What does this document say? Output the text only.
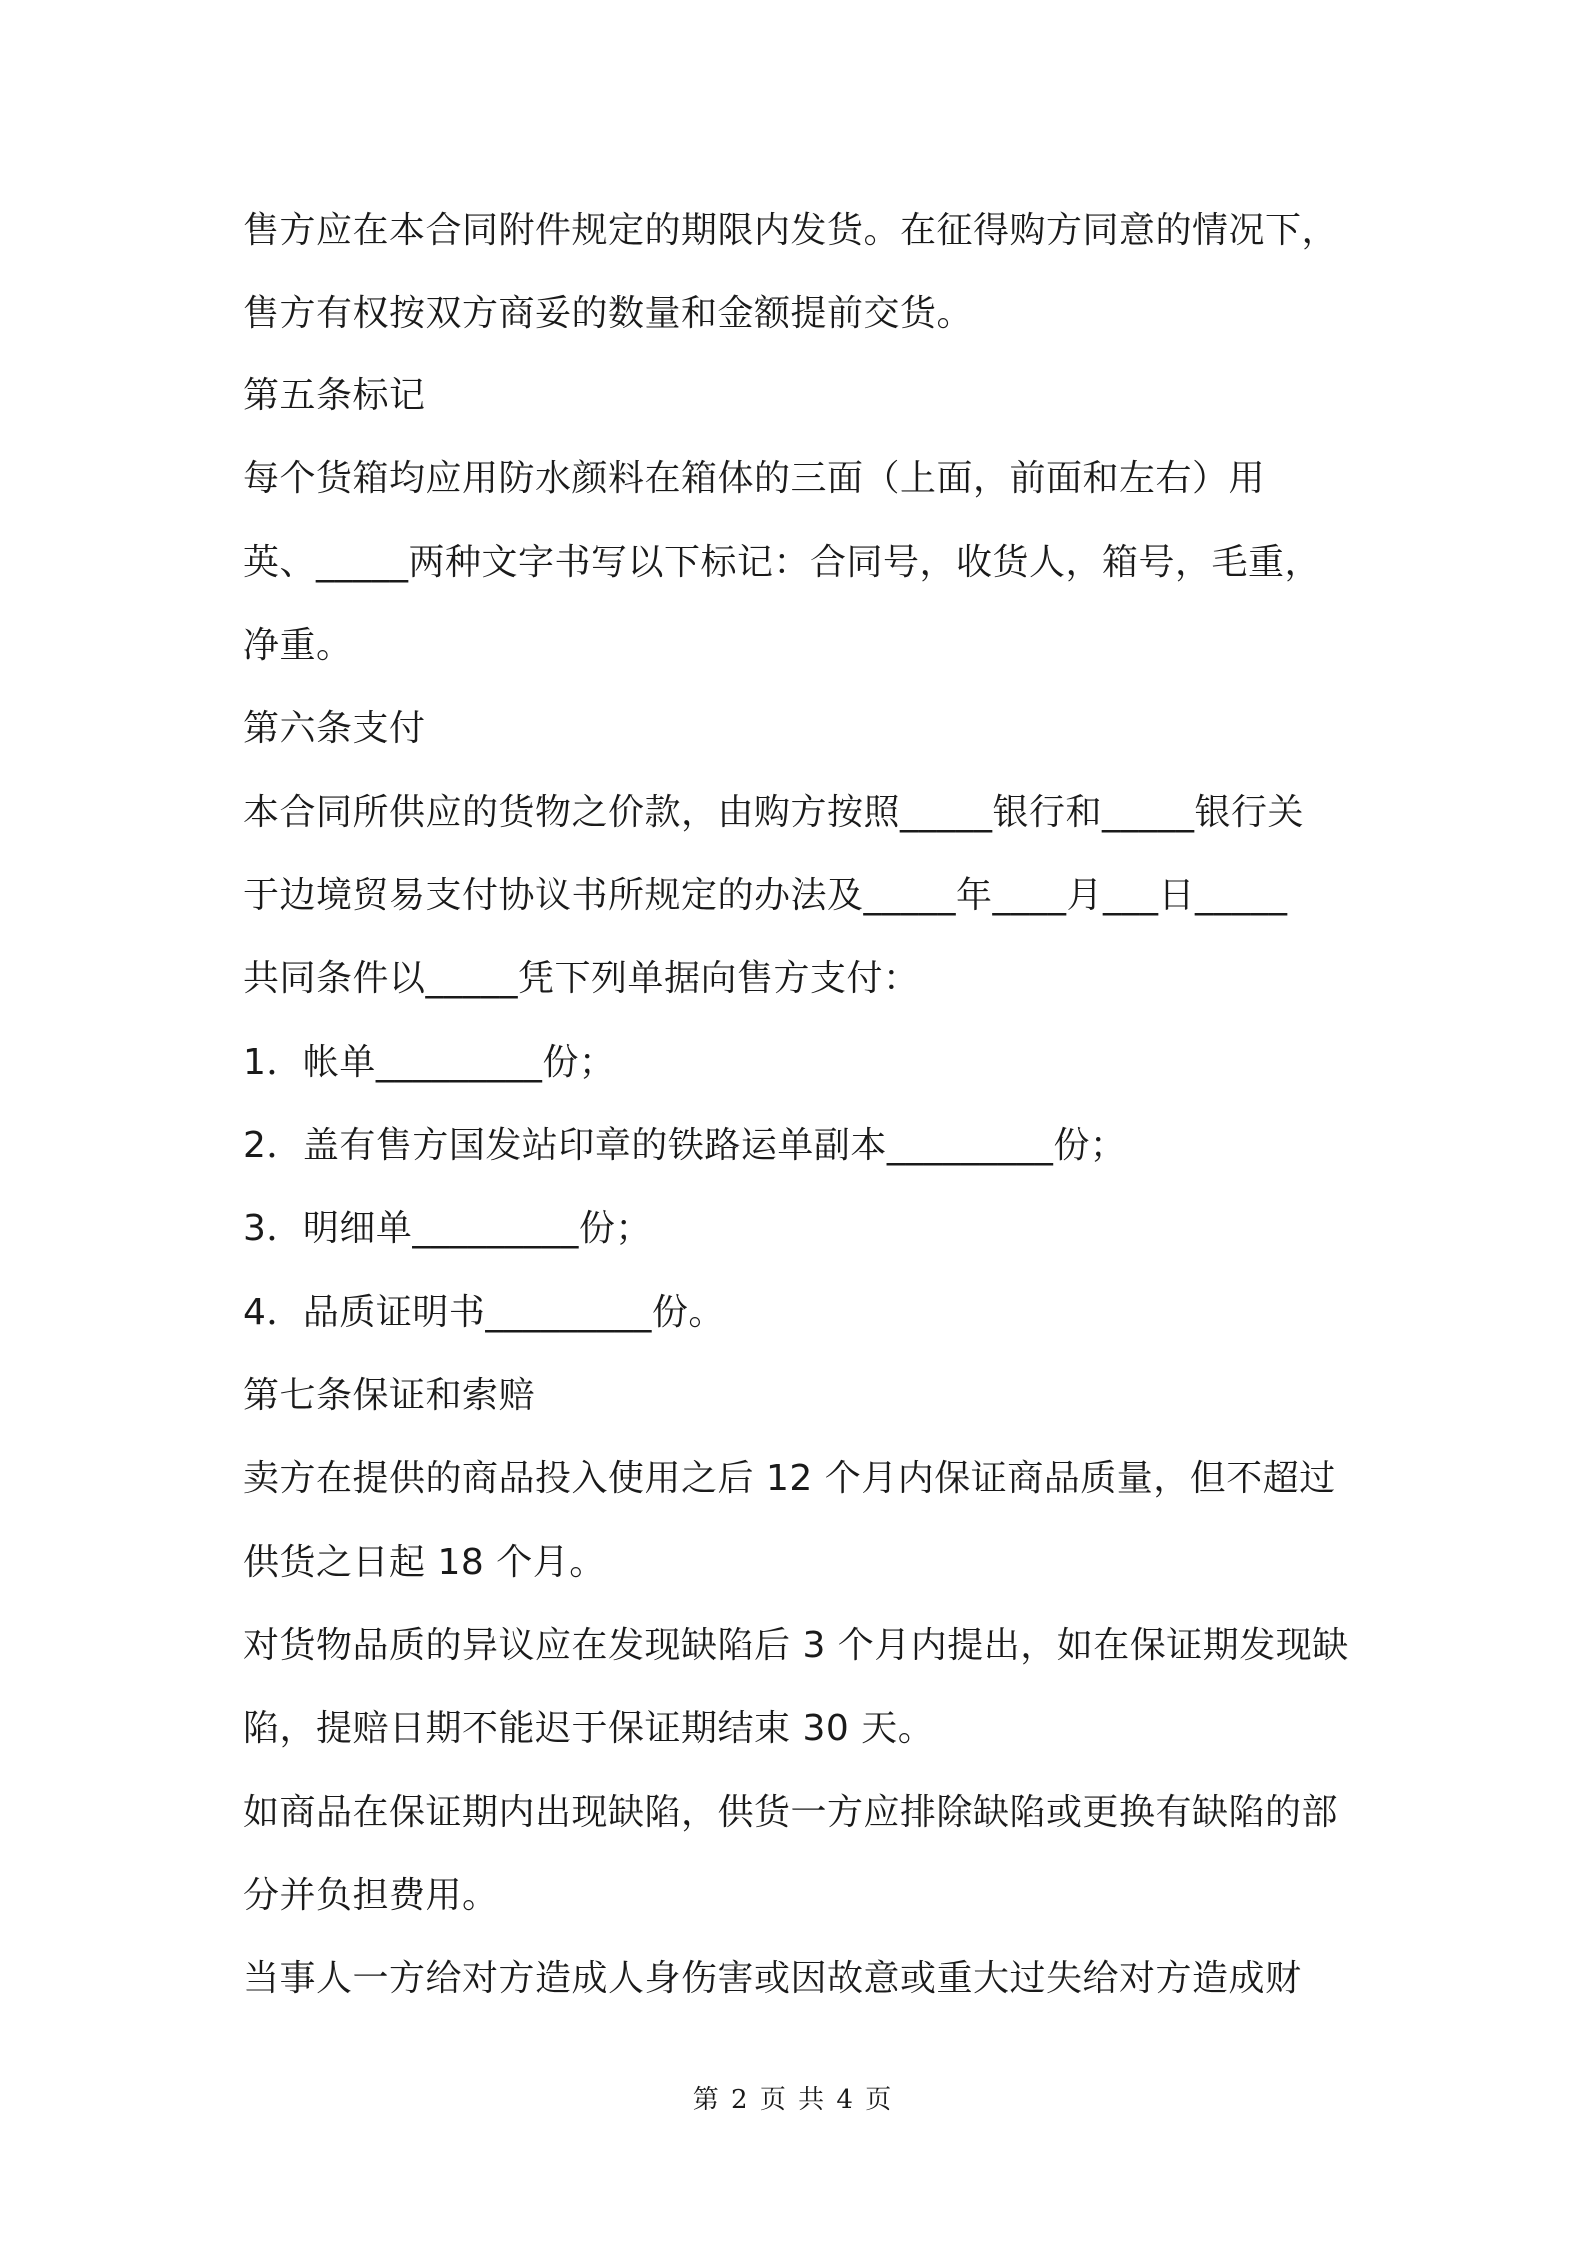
售方应在本合同附件规定的期限内发货。在征得购方同意的情况下，
售方有权按双方商妥的数量和金额提前交货。
第五条标记
每个货箱均应用防水颜料在箱体的三面（上面，前面和左右）用
英、_____两种文字书写以下标记：合同号，收货人，箱号，毛重，
净重。
第六条支付
本合同所供应的货物之价款，由购方按照_____银行和_____银行关
于边境贸易支付协议书所规定的办法及_____年____月___日_____
共同条件以_____凭下列单据向售方支付：
1．帐单_________份；
2．盖有售方国发站印章的铁路运单副本_________份；
3．明细单_________份；
4．品质证明书_________份。
第七条保证和索赔
卖方在提供的商品投入使用之后 12 个月内保证商品质量，但不超过
供货之日起 18 个月。
对货物品质的异议应在发现缺陷后 3 个月内提出，如在保证期发现缺
陷，提赔日期不能迟于保证期结束 30 天。
如商品在保证期内出现缺陷，供货一方应排除缺陷或更换有缺陷的部
分并负担费用。
当事人一方给对方造成人身伤害或因故意或重大过失给对方造成财
第 2 页 共 4 页
